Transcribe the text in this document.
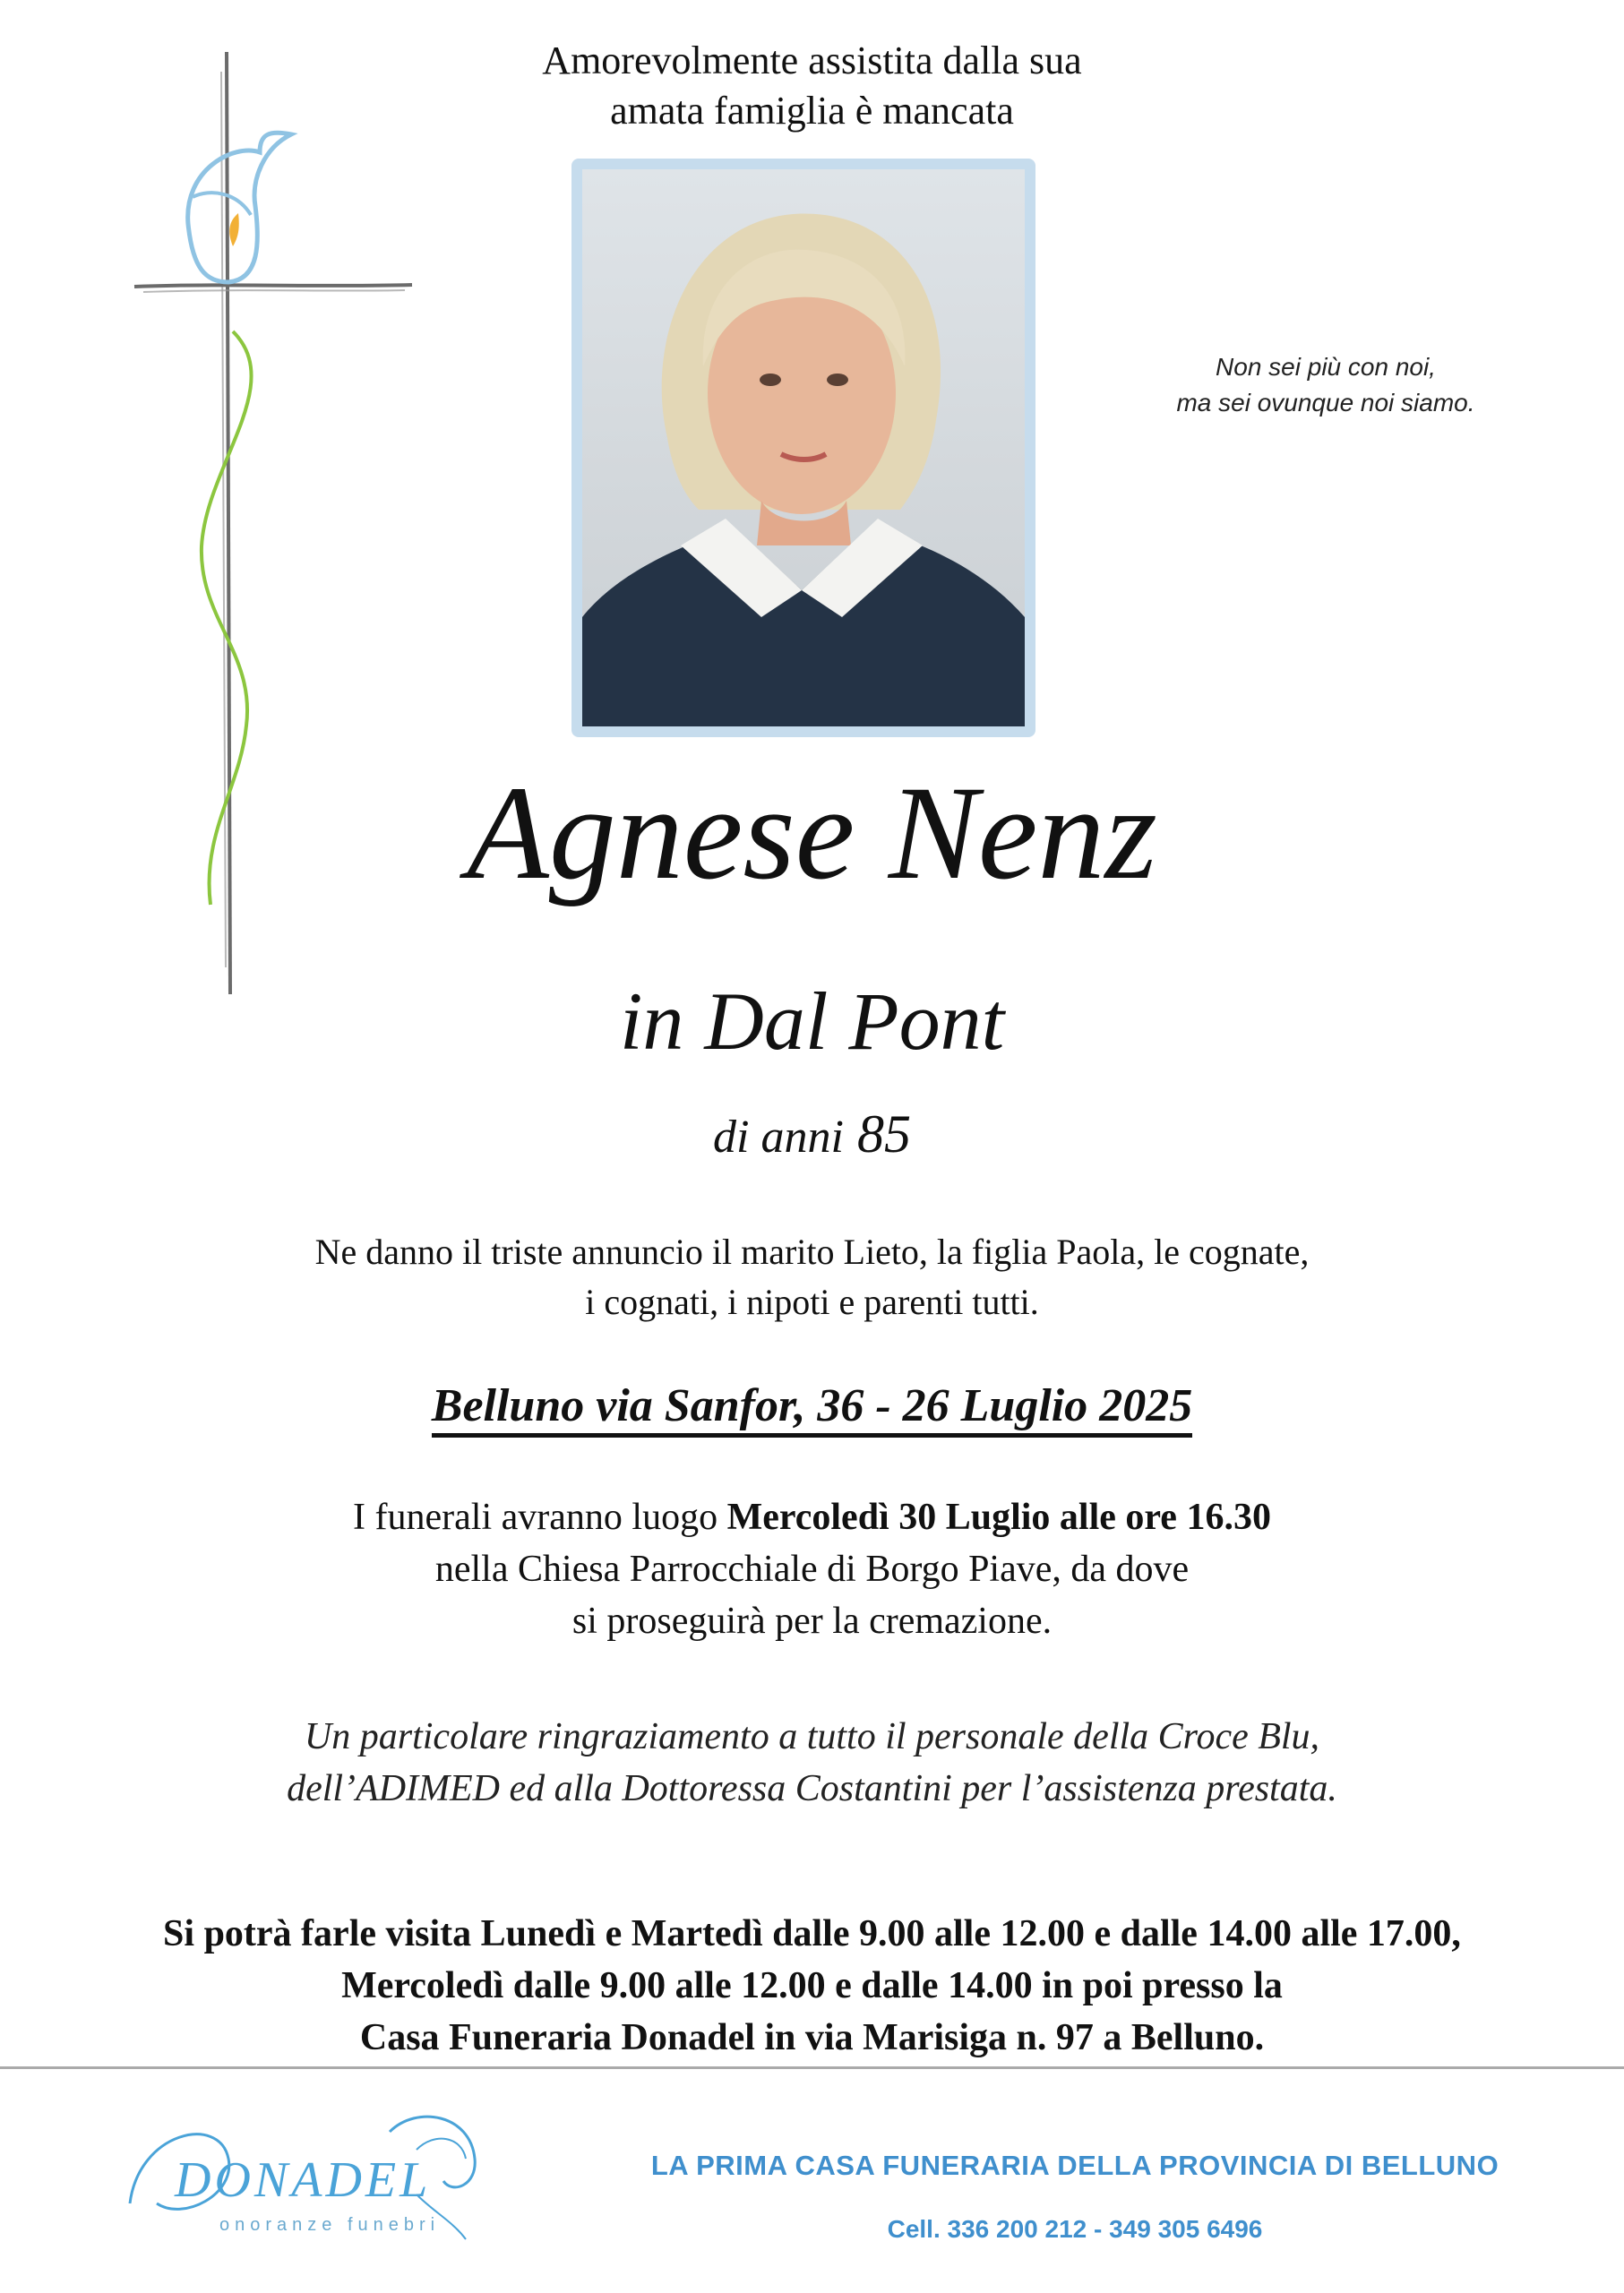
Amorevolmente assistita dalla sua
amata famiglia è mancata
Non sei più con noi,
ma sei ovunque noi siamo.
Agnese Nenz
in Dal Pont
di anni 85
Ne danno il triste annuncio il marito Lieto, la figlia Paola, le cognate,
i cognati, i nipoti e parenti tutti.
Belluno via Sanfor, 36 - 26 Luglio 2025
I funerali avranno luogo Mercoledì 30 Luglio alle ore 16.30
nella Chiesa Parrocchiale di Borgo Piave, da dove
si proseguirà per la cremazione.
Un particolare ringraziamento a tutto il personale della Croce Blu,
dell’ADIMED ed alla Dottoressa Costantini per l’assistenza prestata.
Si potrà farle visita Lunedì e Martedì dalle 9.00 alle 12.00 e dalle 14.00 alle 17.00,
Mercoledì dalle 9.00 alle 12.00 e dalle 14.00 in poi presso la
Casa Funeraria Donadel in via Marisiga n. 97 a Belluno.
DONADEL
onoranze funebri
LA PRIMA CASA FUNERARIA DELLA PROVINCIA DI BELLUNO
Cell. 336 200 212 - 349 305 6496
